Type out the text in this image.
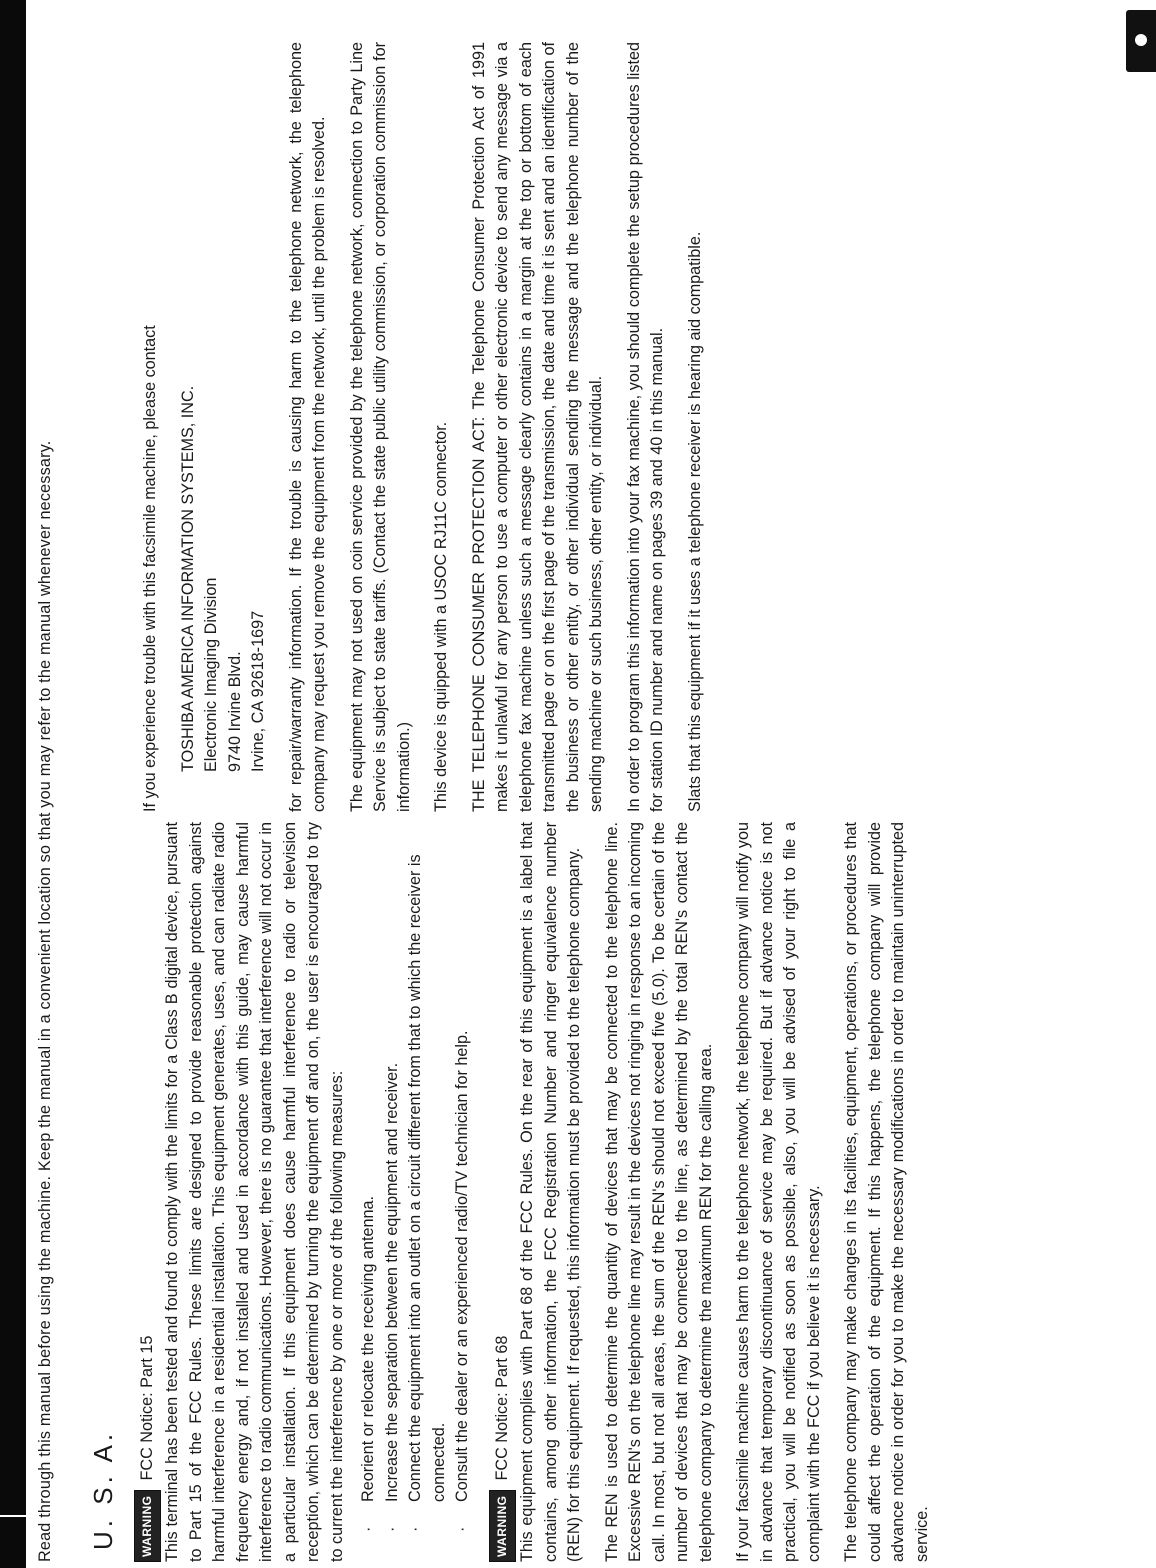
Read through this manual before using the machine. Keep the manual in a convenient location so that you may refer to the manual whenever necessary. U. S. A.	WARNING
FCC Notice: Part 15 This terminal has been tested and found to comply with the limits for a Class B digital device, pursuant to Part 15 of the FCC Rules. These limits are designed to provide reasonable protection against harmful interference in a residential installation. This equipment generates, uses, and can radiate radio frequency energy and, if not installed and used in accordance with this guide, may cause harmful interference to radio communications. However, there is no guarantee that interference will not occur in a particular installation. If this equipment does cause harmful interference to radio or television reception, which can be determined by turning the equipment off and on, the user is encouraged to try to current the interference by one or more of the following measures: · Reorient or relocate the receiving antenna. · Increase the separation between the equipment and receiver. · Connect the equipment into an outlet on a circuit different from that to which the receiver is connected. · Consult the dealer or an experienced radio/TV technician for help.
WARNING
FCC Notice: Part 68 This equipment complies with Part 68 of the FCC Rules. On the rear of this equipment is a label that contains, among other information, the FCC Registration Number and ringer equivalence number (REN) for this equipment. If requested, this information must be provided to the telephone company. The REN is used to determine the quantity of devices that may be connected to the telephone line. Excessive REN's on the telephone line may result in the devices not ringing in response to an incoming call. In most, but not all areas, the sum of the REN's should not exceed five (5.0). To be certain of the number of devices that may be connected to the line, as determined by the total REN's contact the telephone company to determine the maximum REN for the calling area. If your facsimile machine causes harm to the telephone network, the telephone company will notify you in advance that temporary discontinuance of service may be required. But if advance notice is not practical, you will be notified as soon as possible, also, you will be advised of your right to file a complaint with the FCC if you believe it is necessary. The telephone company may make changes in its facilities, equipment, operations, or procedures that could affect the operation of the equipment. If this happens, the telephone company will provide advance notice in order for you to make the necessary modifications in order to maintain uninterrupted service.

If you experience trouble with this facsimile machine, please contact TOSHIBA AMERICA INFORMATION SYSTEMS, INC. Electronic Imaging Division 9740 Irvine Blvd. Irvine, CA 92618-1697 for repair/warranty information. If the trouble is causing harm to the telephone network, the telephone company may request you remove the equipment from the network, until the problem is resolved. The equipment may not used on coin service provided by the telephone network, connection to Party Line Service is subject to state tariffs. (Contact the state public utility commission, or corporation commission for information.) This device is quipped with a USOC RJ11C connector. THE TELEPHONE CONSUMER PROTECTION ACT: The Telephone Consumer Protection Act of 1991 makes it unlawful for any person to use a computer or other electronic device to send any message via a telephone fax machine unless such a message clearly contains in a margin at the top or bottom of each transmitted page or on the first page of the transmission, the date and time it is sent and an identification of the business or other entity, or other individual sending the message and the telephone number of the sending machine or such business, other entity, or individual. In order to program this information into your fax machine, you should complete the setup procedures listed for station ID number and name on pages 39 and 40 in this manual. Slats that this equipment if it uses a telephone receiver is hearing aid compatible.
